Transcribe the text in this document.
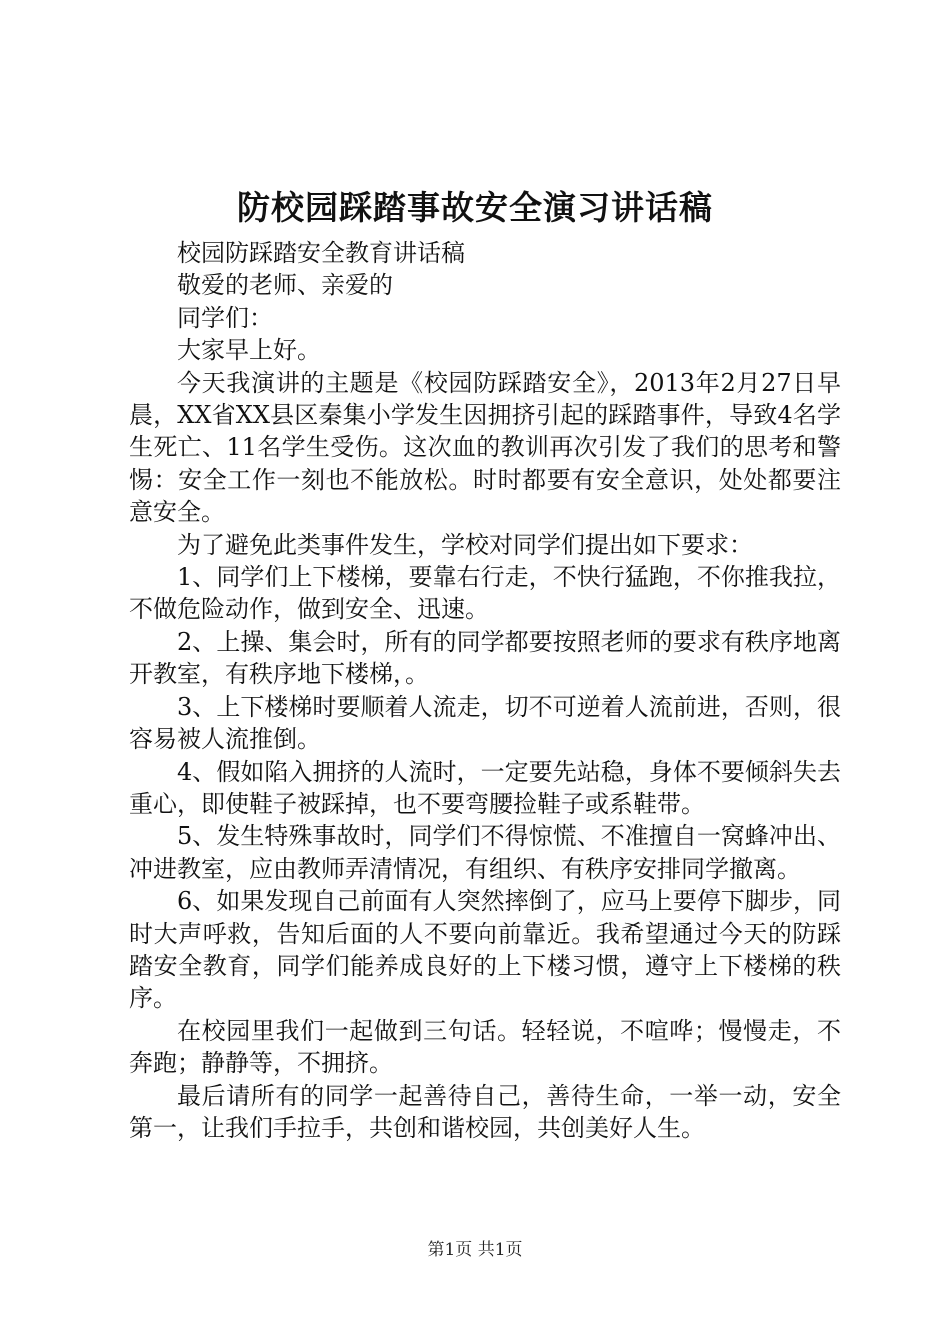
防校园踩踏事故安全演习讲话稿

校园防踩踏安全教育讲话稿

敬爱的老师、亲爱的

同学们：

大家早上好。

今天我演讲的主题是《校园防踩踏安全》，2013年2月27日早晨，XX省XX县区秦集小学发生因拥挤引起的踩踏事件，导致4名学生死亡、11名学生受伤。这次血的教训再次引发了我们的思考和警惕：安全工作一刻也不能放松。时时都要有安全意识，处处都要注意安全。

为了避免此类事件发生，学校对同学们提出如下要求：

1、同学们上下楼梯，要靠右行走，不快行猛跑，不你推我拉，不做危险动作，做到安全、迅速。

2、上操、集会时，所有的同学都要按照老师的要求有秩序地离开教室，有秩序地下楼梯，。

3、上下楼梯时要顺着人流走，切不可逆着人流前进，否则，很容易被人流推倒。

4、假如陷入拥挤的人流时，一定要先站稳，身体不要倾斜失去重心，即使鞋子被踩掉，也不要弯腰捡鞋子或系鞋带。

5、发生特殊事故时，同学们不得惊慌、不准擅自一窝蜂冲出、冲进教室，应由教师弄清情况，有组织、有秩序安排同学撤离。

6、如果发现自己前面有人突然摔倒了，应马上要停下脚步，同时大声呼救，告知后面的人不要向前靠近。我希望通过今天的防踩踏安全教育，同学们能养成良好的上下楼习惯，遵守上下楼梯的秩序。

在校园里我们一起做到三句话。轻轻说，不喧哗；慢慢走，不奔跑；静静等，不拥挤。

最后请所有的同学一起善待自己，善待生命，一举一动，安全第一，让我们手拉手，共创和谐校园，共创美好人生。

第1页 共1页
